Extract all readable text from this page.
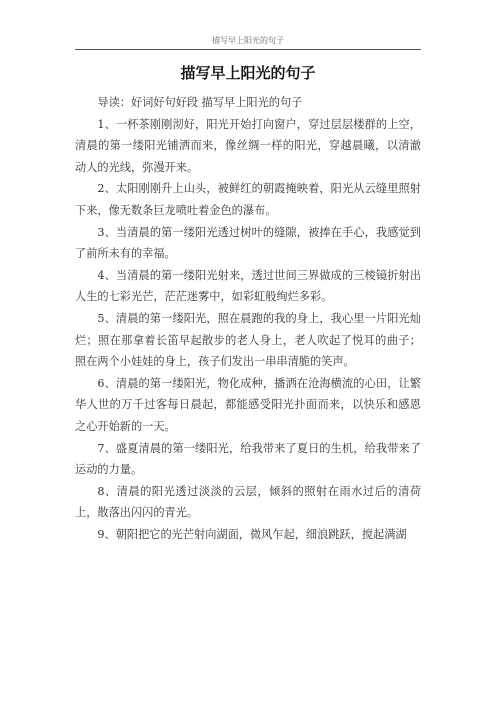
描写早上阳光的句子
描写早上阳光的句子

导读：好词好句好段 描写早上阳光的句子

1、一杯茶刚刚沏好，阳光开始打向窗户，穿过层层楼群的上空，清晨的第一缕阳光铺洒而来，像丝绸一样的阳光，穿越晨曦，以清澈动人的光线，弥漫开来。

2、太阳刚刚升上山头，被鲜红的朝霞掩映着，阳光从云缝里照射下来，像无数条巨龙喷吐着金色的瀑布。

3、当清晨的第一缕阳光透过树叶的缝隙，被捧在手心，我感觉到了前所未有的幸福。

4、当清晨的第一缕阳光射来，透过世间三界做成的三棱镜折射出人生的七彩光芒，茫茫迷雾中，如彩虹般绚烂多彩。

5、清晨的第一缕阳光，照在晨跑的我的身上，我心里一片阳光灿烂；照在那拿着长笛早起散步的老人身上，老人吹起了悦耳的曲子；照在两个小娃娃的身上，孩子们发出一串串清脆的笑声。

6、清晨的第一缕阳光，物化成种，播洒在沧海横流的心田，让繁华人世的万千过客每日晨起，都能感受阳光扑面而来，以快乐和感恩之心开始新的一天。

7、盛夏清晨的第一缕阳光，给我带来了夏日的生机，给我带来了运动的力量。

8、清晨的阳光透过淡淡的云层，倾斜的照射在雨水过后的清荷上，散落出闪闪的青光。

9、朝阳把它的光芒射向湖面，微风乍起，细浪跳跃，搅起满湖
